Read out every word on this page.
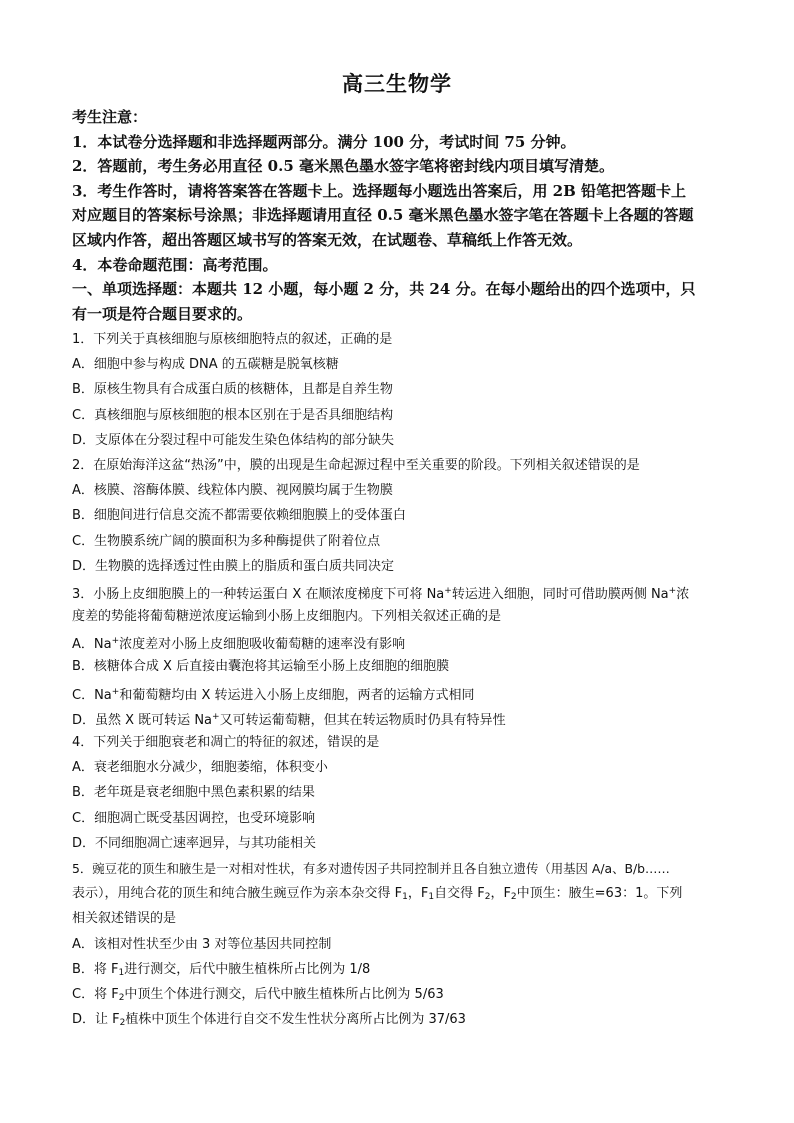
高三生物学
考生注意：
1．本试卷分选择题和非选择题两部分。满分 100 分，考试时间 75 分钟。
2．答题前，考生务必用直径 0.5 毫米黑色墨水签字笔将密封线内项目填写清楚。
3．考生作答时，请将答案答在答题卡上。选择题每小题选出答案后，用 2B 铅笔把答题卡上
对应题目的答案标号涂黑；非选择题请用直径 0.5 毫米黑色墨水签字笔在答题卡上各题的答题
区域内作答，超出答题区域书写的答案无效，在试题卷、草稿纸上作答无效。
4．本卷命题范围：高考范围。
一、单项选择题：本题共 12 小题，每小题 2 分，共 24 分。在每小题给出的四个选项中，只
有一项是符合题目要求的。
1．下列关于真核细胞与原核细胞特点的叙述，正确的是
A．细胞中参与构成 DNA 的五碳糖是脱氧核糖
B．原核生物具有合成蛋白质的核糖体，且都是自养生物
C．真核细胞与原核细胞的根本区别在于是否具细胞结构
D．支原体在分裂过程中可能发生染色体结构的部分缺失
2．在原始海洋这盆“热汤”中，膜的出现是生命起源过程中至关重要的阶段。下列相关叙述错误的是
A．核膜、溶酶体膜、线粒体内膜、视网膜均属于生物膜
B．细胞间进行信息交流不都需要依赖细胞膜上的受体蛋白
C．生物膜系统广阔的膜面积为多种酶提供了附着位点
D．生物膜的选择透过性由膜上的脂质和蛋白质共同决定
3．小肠上皮细胞膜上的一种转运蛋白 X 在顺浓度梯度下可将 Na+转运进入细胞，同时可借助膜两侧 Na+浓
度差的势能将葡萄糖逆浓度运输到小肠上皮细胞内。下列相关叙述正确的是
A．Na+浓度差对小肠上皮细胞吸收葡萄糖的速率没有影响
B．核糖体合成 X 后直接由囊泡将其运输至小肠上皮细胞的细胞膜
C．Na+和葡萄糖均由 X 转运进入小肠上皮细胞，两者的运输方式相同
D．虽然 X 既可转运 Na+又可转运葡萄糖，但其在转运物质时仍具有特异性
4．下列关于细胞衰老和凋亡的特征的叙述，错误的是
A．衰老细胞水分减少，细胞萎缩，体积变小
B．老年斑是衰老细胞中黑色素积累的结果
C．细胞凋亡既受基因调控，也受环境影响
D．不同细胞凋亡速率迥异，与其功能相关
5．豌豆花的顶生和腋生是一对相对性状，有多对遗传因子共同控制并且各自独立遗传（用基因 A/a、B/b……
表示），用纯合花的顶生和纯合腋生豌豆作为亲本杂交得 $F_1$，$F_1$自交得 $F_2$，$F_2$中顶生：腋生=63：1。下列
相关叙述错误的是
A．该相对性状至少由 3 对等位基因共同控制
B．将 $F_1$进行测交，后代中腋生植株所占比例为 1/8
C．将 $F_2$中顶生个体进行测交，后代中腋生植株所占比例为 5/63
D．让 $F_2$植株中顶生个体进行自交不发生性状分离所占比例为 37/63
